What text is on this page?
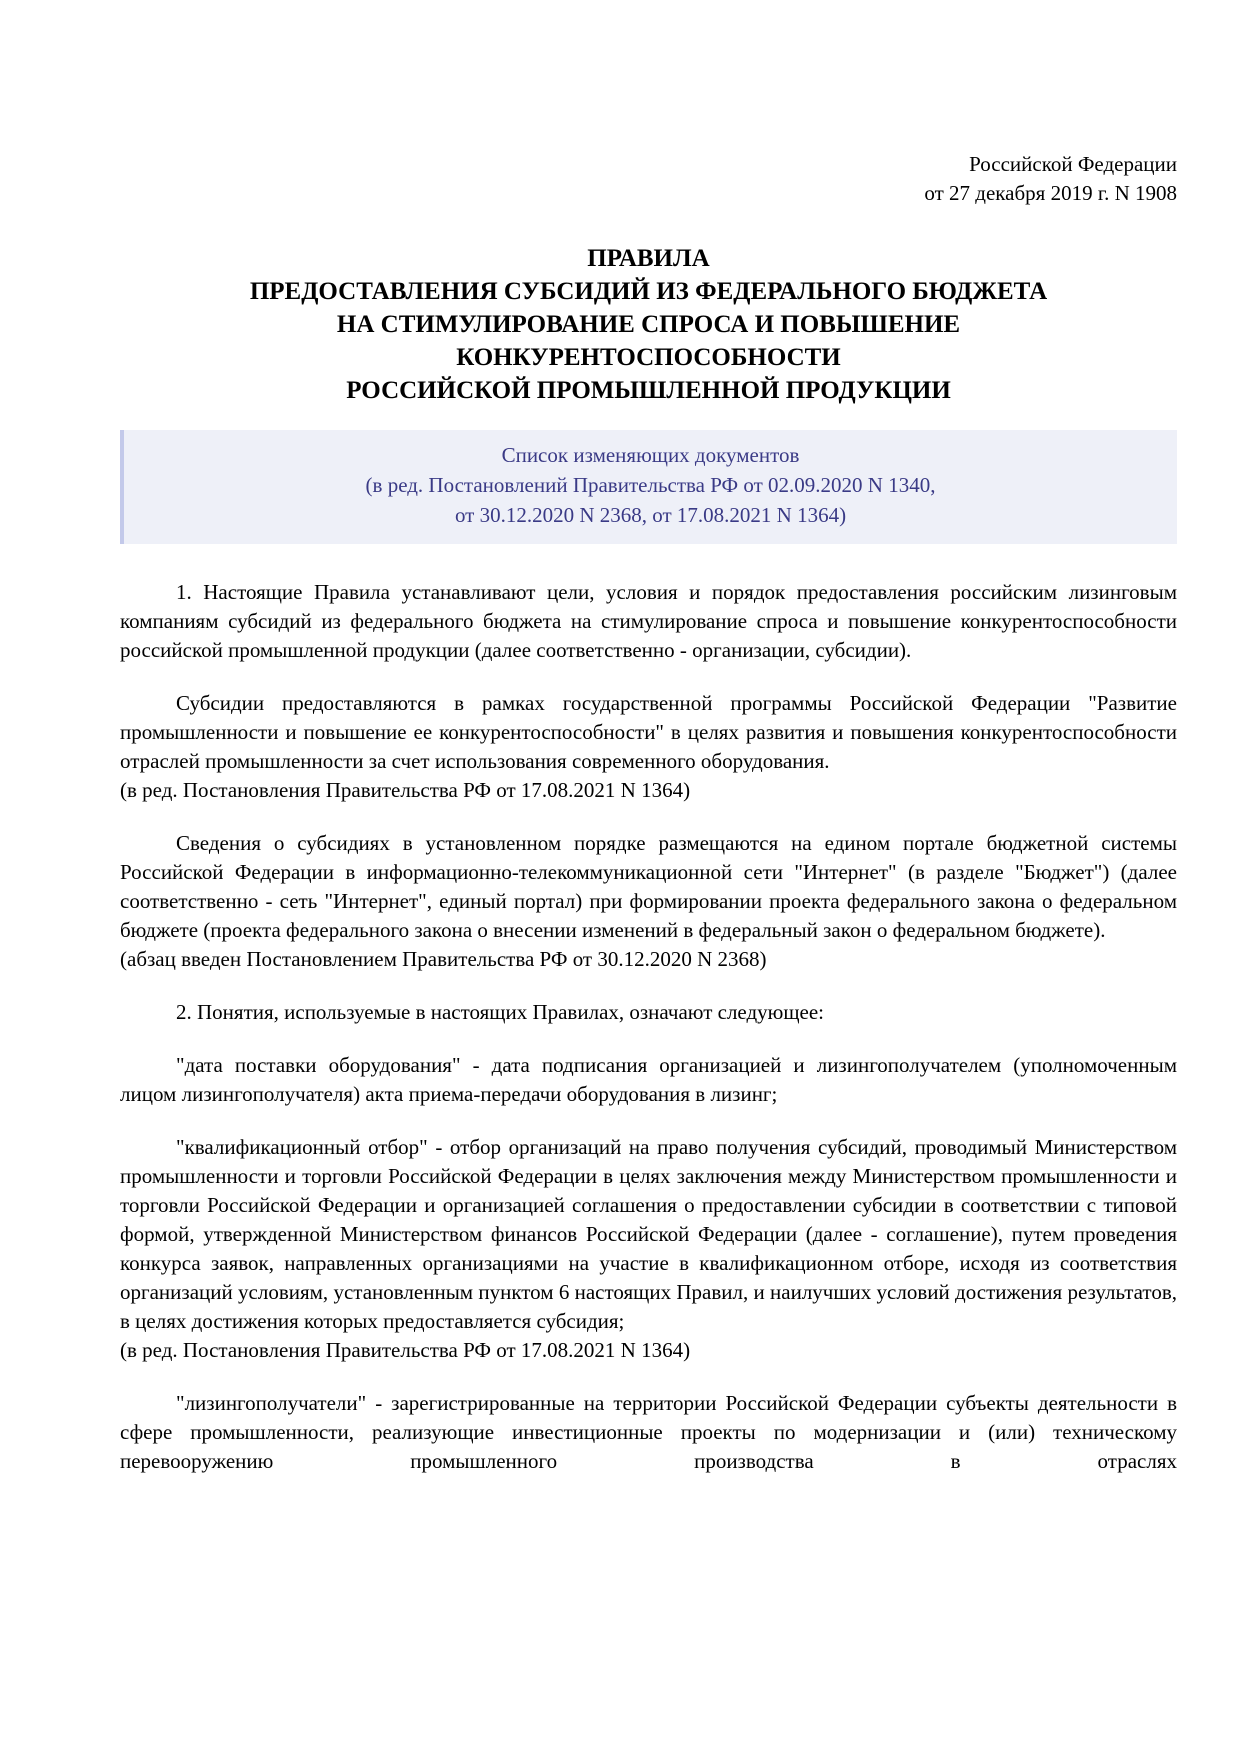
Российской Федерации
от 27 декабря 2019 г. N 1908
ПРАВИЛА
ПРЕДОСТАВЛЕНИЯ СУБСИДИЙ ИЗ ФЕДЕРАЛЬНОГО БЮДЖЕТА
НА СТИМУЛИРОВАНИЕ СПРОСА И ПОВЫШЕНИЕ
КОНКУРЕНТОСПОСОБНОСТИ
РОССИЙСКОЙ ПРОМЫШЛЕННОЙ ПРОДУКЦИИ
Список изменяющих документов
(в ред. Постановлений Правительства РФ от 02.09.2020 N 1340,
от 30.12.2020 N 2368, от 17.08.2021 N 1364)
1. Настоящие Правила устанавливают цели, условия и порядок предоставления российским лизинговым компаниям субсидий из федерального бюджета на стимулирование спроса и повышение конкурентоспособности российской промышленной продукции (далее соответственно - организации, субсидии).
Субсидии предоставляются в рамках государственной программы Российской Федерации "Развитие промышленности и повышение ее конкурентоспособности" в целях развития и повышения конкурентоспособности отраслей промышленности за счет использования современного оборудования.
(в ред. Постановления Правительства РФ от 17.08.2021 N 1364)
Сведения о субсидиях в установленном порядке размещаются на едином портале бюджетной системы Российской Федерации в информационно-телекоммуникационной сети "Интернет" (в разделе "Бюджет") (далее соответственно - сеть "Интернет", единый портал) при формировании проекта федерального закона о федеральном бюджете (проекта федерального закона о внесении изменений в федеральный закон о федеральном бюджете).
(абзац введен Постановлением Правительства РФ от 30.12.2020 N 2368)
2. Понятия, используемые в настоящих Правилах, означают следующее:
"дата поставки оборудования" - дата подписания организацией и лизингополучателем (уполномоченным лицом лизингополучателя) акта приема-передачи оборудования в лизинг;
"квалификационный отбор" - отбор организаций на право получения субсидий, проводимый Министерством промышленности и торговли Российской Федерации в целях заключения между Министерством промышленности и торговли Российской Федерации и организацией соглашения о предоставлении субсидии в соответствии с типовой формой, утвержденной Министерством финансов Российской Федерации (далее - соглашение), путем проведения конкурса заявок, направленных организациями на участие в квалификационном отборе, исходя из соответствия организаций условиям, установленным пунктом 6 настоящих Правил, и наилучших условий достижения результатов, в целях достижения которых предоставляется субсидия;
(в ред. Постановления Правительства РФ от 17.08.2021 N 1364)
"лизингополучатели" - зарегистрированные на территории Российской Федерации субъекты деятельности в сфере промышленности, реализующие инвестиционные проекты по модернизации и (или) техническому перевооружению промышленного производства в отраслях
